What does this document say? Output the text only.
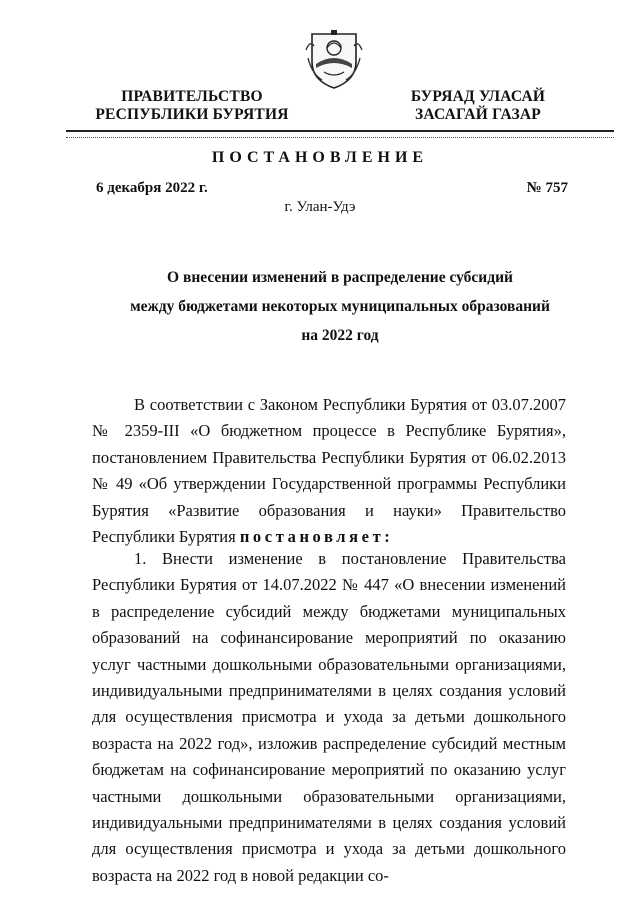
ПРАВИТЕЛЬСТВО
РЕСПУБЛИКИ БУРЯТИЯ
БУРЯАД УЛАСАЙ
ЗАСАГАЙ ГАЗАР
ПОСТАНОВЛЕНИЕ
6 декабря 2022 г.	№ 757
г. Улан-Удэ
О внесении изменений в распределение субсидий
между бюджетами некоторых муниципальных образований
на 2022 год
В соответствии с Законом Республики Бурятия от 03.07.2007 № 2359-III «О бюджетном процессе в Республике Бурятия», постановлением Правительства Республики Бурятия от 06.02.2013 № 49 «Об утверждении Государственной программы Республики Бурятия «Развитие образования и науки» Правительство Республики Бурятия постановляет:
1. Внести изменение в постановление Правительства Республики Бурятия от 14.07.2022 № 447 «О внесении изменений в распределение субсидий между бюджетами муниципальных образований на софинансирование мероприятий по оказанию услуг частными дошкольными образовательными организациями, индивидуальными предпринимателями в целях создания условий для осуществления присмотра и ухода за детьми дошкольного возраста на 2022 год», изложив распределение субсидий местным бюджетам на софинансирование мероприятий по оказанию услуг частными дошкольными образовательными организациями, индивидуальными предпринимателями в целях создания условий для осуществления присмотра и ухода за детьми дошкольного возраста на 2022 год в новой редакции со-
